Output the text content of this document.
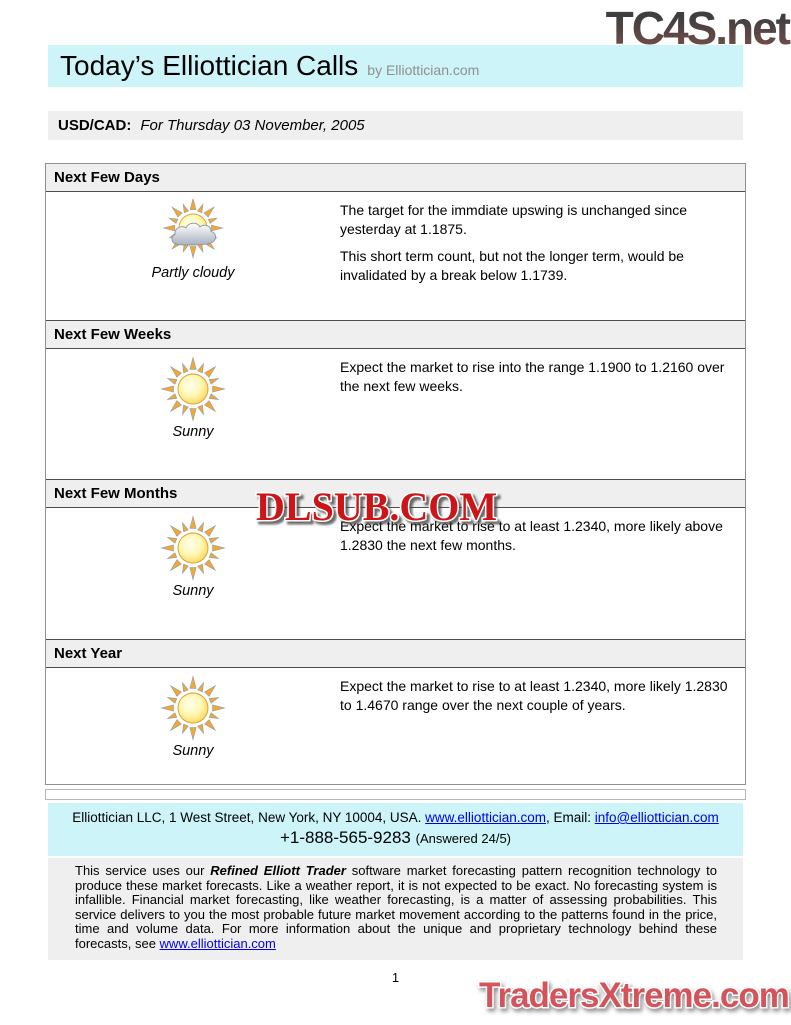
TC4S.net
Today’s Elliottician Calls by Elliottician.com
USD/CAD: For Thursday 03 November, 2005
Next Few Days
Partly cloudy

The target for the immdiate upswing is unchanged since yesterday at 1.1875.

This short term count, but not the longer term, would be invalidated by a break below 1.1739.

Next Few Weeks
Sunny

Expect the market to rise into the range 1.1900 to 1.2160 over the next few weeks.

Next Few Months
Sunny

Expect the market to rise to at least 1.2340, more likely above 1.2830 the next few months.

Next Year
Sunny

Expect the market to rise to at least 1.2340, more likely 1.2830 to 1.4670 range over the next couple of years.

DLSUB.COM
Elliottician LLC, 1 West Street, New York, NY 10004, USA. www.elliottician.com, Email: info@elliottician.com
+1-888-565-9283 (Answered 24/5)

This service uses our Refined Elliott Trader software market forecasting pattern recognition technology to produce these market forecasts. Like a weather report, it is not expected to be exact. No forecasting system is infallible. Financial market forecasting, like weather forecasting, is a matter of assessing probabilities. This service delivers to you the most probable future market movement according to the patterns found in the price, time and volume data. For more information about the unique and proprietary technology behind these forecasts, see www.elliottician.com

1	TradersXtreme.com
